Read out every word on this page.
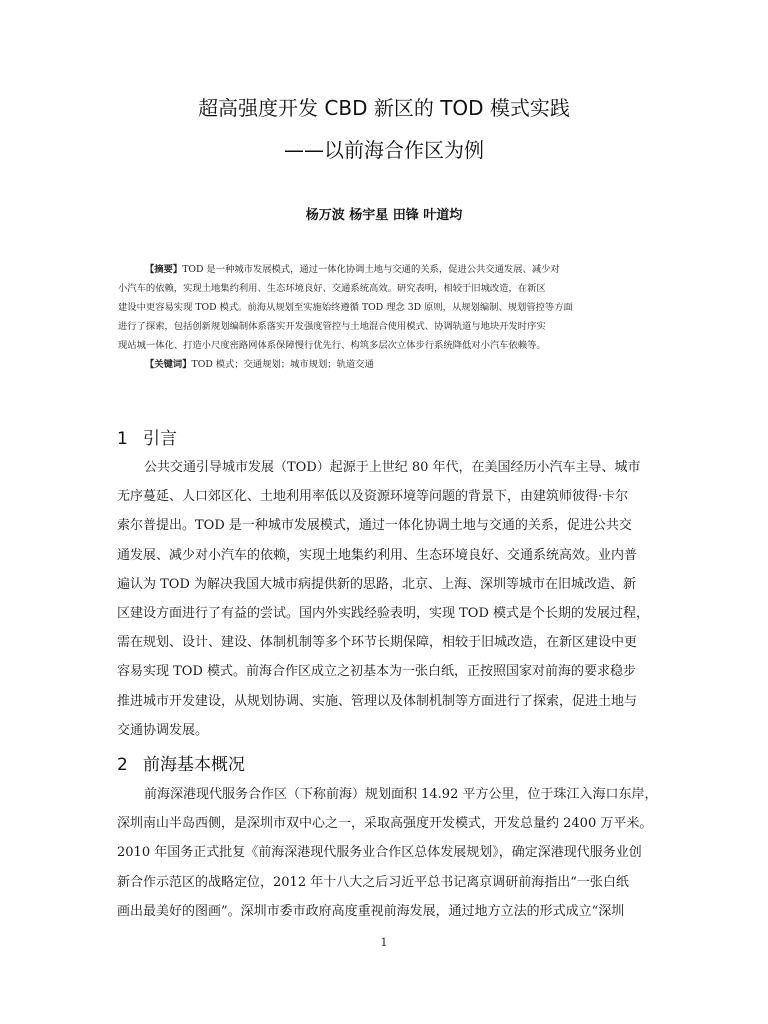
超高强度开发 CBD 新区的 TOD 模式实践
——以前海合作区为例
杨万波 杨宇星 田锋 叶道均
【摘要】TOD 是一种城市发展模式，通过一体化协调土地与交通的关系，促进公共交通发展、减少对
小汽车的依赖，实现土地集约利用、生态环境良好、交通系统高效。研究表明，相较于旧城改造，在新区
建设中更容易实现 TOD 模式。前海从规划至实施始终遵循 TOD 理念 3D 原则，从规划编制、规划管控等方面
进行了探索，包括创新规划编制体系落实开发强度管控与土地混合使用模式、协调轨道与地块开发时序实
现站城一体化、打造小尺度密路网体系保障慢行优先行、构筑多层次立体步行系统降低对小汽车依赖等。
【关键词】TOD 模式；交通规划；城市规划；轨道交通
1 引言
公共交通引导城市发展（TOD）起源于上世纪 80 年代，在美国经历小汽车主导、城市
无序蔓延、人口郊区化、土地利用率低以及资源环境等问题的背景下，由建筑师彼得·卡尔
索尔普提出。TOD 是一种城市发展模式，通过一体化协调土地与交通的关系，促进公共交
通发展、减少对小汽车的依赖，实现土地集约利用、生态环境良好、交通系统高效。业内普
遍认为 TOD 为解决我国大城市病提供新的思路，北京、上海、深圳等城市在旧城改造、新
区建设方面进行了有益的尝试。国内外实践经验表明，实现 TOD 模式是个长期的发展过程，
需在规划、设计、建设、体制机制等多个环节长期保障，相较于旧城改造，在新区建设中更
容易实现 TOD 模式。前海合作区成立之初基本为一张白纸，正按照国家对前海的要求稳步
推进城市开发建设，从规划协调、实施、管理以及体制机制等方面进行了探索，促进土地与
交通协调发展。
2 前海基本概况
前海深港现代服务合作区（下称前海）规划面积 14.92 平方公里，位于珠江入海口东岸，
深圳南山半岛西侧，是深圳市双中心之一，采取高强度开发模式，开发总量约 2400 万平米。
2010 年国务正式批复《前海深港现代服务业合作区总体发展规划》，确定深港现代服务业创
新合作示范区的战略定位，2012 年十八大之后习近平总书记离京调研前海指出“一张白纸
画出最美好的图画”。深圳市委市政府高度重视前海发展，通过地方立法的形式成立“深圳
1
